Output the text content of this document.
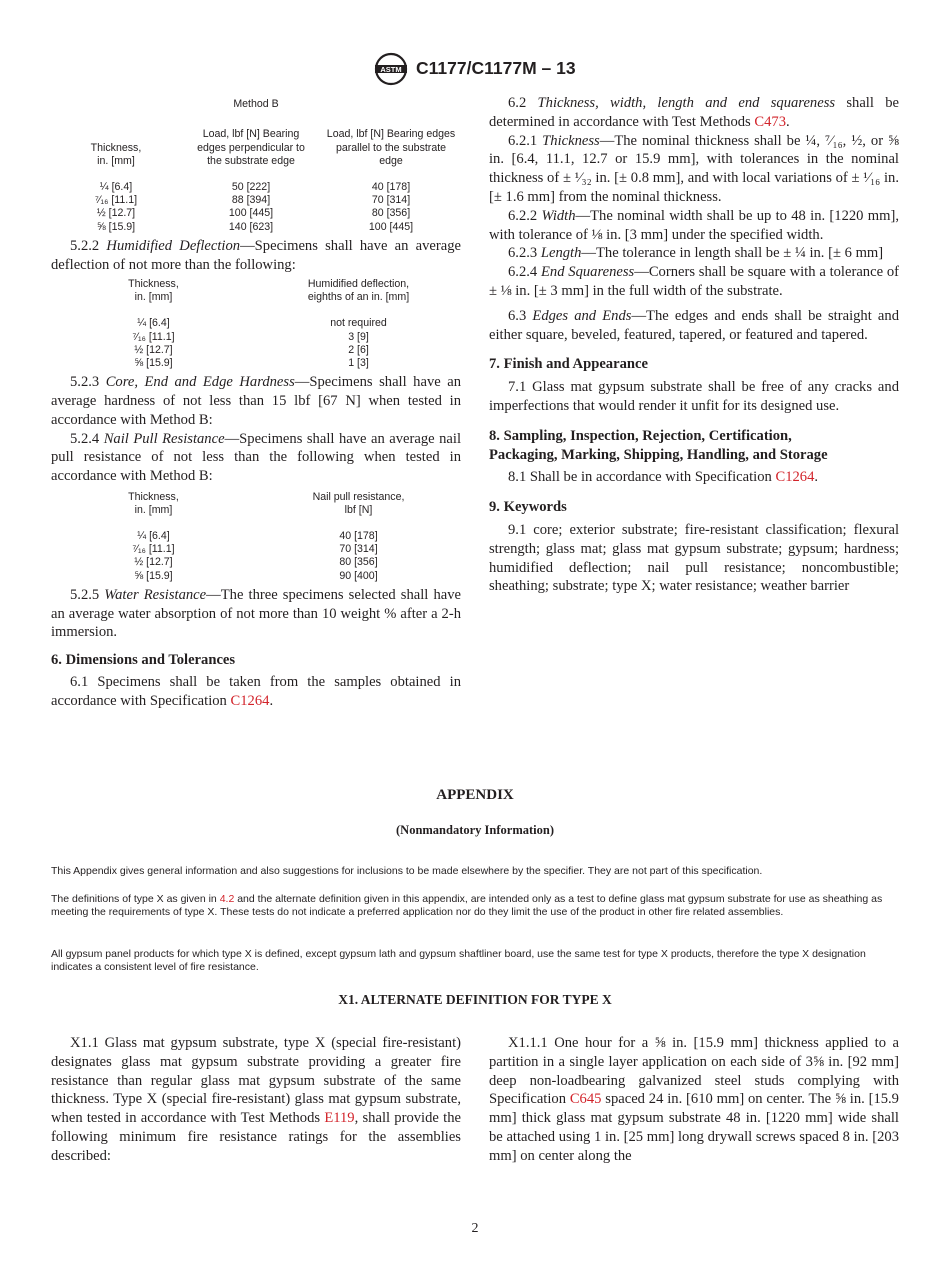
ASTM C1177/C1177M – 13
Method B		
Thickness,
in. [mm]	Load, lbf [N] Bearing
edges perpendicular to
the substrate edge	Load, lbf [N] Bearing edges
parallel to the substrate
edge

¼ [6.4]	50 [222]	40 [178]
⁷⁄₁₆ [11.1]	88 [394]	70 [314]
½ [12.7]	100 [445]	80 [356]
⅝ [15.9]	140 [623]	100 [445]

5.2.2 Humidified Deflection—Specimens shall have an average deflection of not more than the following:

Thickness,
in. [mm]	Humidified deflection,
eighths of an in. [mm]

¼ [6.4]	not required
⁷⁄₁₆ [11.1]	3 [9]
½ [12.7]	2 [6]
⅝ [15.9]	1 [3]

5.2.3 Core, End and Edge Hardness—Specimens shall have an average hardness of not less than 15 lbf [67 N] when tested in accordance with Method B:

5.2.4 Nail Pull Resistance—Specimens shall have an average nail pull resistance of not less than the following when tested in accordance with Method B:

Thickness,
in. [mm]	Nail pull resistance,
lbf [N]

¼ [6.4]	40 [178]
⁷⁄₁₆ [11.1]	70 [314]
½ [12.7]	80 [356]
⅝ [15.9]	90 [400]

5.2.5 Water Resistance—The three specimens selected shall have an average water absorption of not more than 10 weight % after a 2-h immersion.

6. Dimensions and Tolerances

6.1 Specimens shall be taken from the samples obtained in accordance with Specification C1264.

6.2 Thickness, width, length and end squareness shall be determined in accordance with Test Methods C473.

6.2.1 Thickness—The nominal thickness shall be ¼, ⁷⁄₁₆, ½, or ⅝ in. [6.4, 11.1, 12.7 or 15.9 mm], with tolerances in the nominal thickness of ± ¹⁄₃₂ in. [± 0.8 mm], and with local variations of ± ¹⁄₁₆ in. [± 1.6 mm] from the nominal thickness.

6.2.2 Width—The nominal width shall be up to 48 in. [1220 mm], with tolerance of ⅛ in. [3 mm] under the specified width.

6.2.3 Length—The tolerance in length shall be ± ¼ in. [± 6 mm]

6.2.4 End Squareness—Corners shall be square with a tolerance of ± ⅛ in. [± 3 mm] in the full width of the substrate.

6.3 Edges and Ends—The edges and ends shall be straight and either square, beveled, featured, tapered, or featured and tapered.

7. Finish and Appearance

7.1 Glass mat gypsum substrate shall be free of any cracks and imperfections that would render it unfit for its designed use.

8. Sampling, Inspection, Rejection, Certification,

Packaging, Marking, Shipping, Handling, and Storage

8.1 Shall be in accordance with Specification C1264.

9. Keywords

9.1 core; exterior substrate; fire-resistant classification; flexural strength; glass mat; glass mat gypsum substrate; gypsum; hardness; humidified deflection; nail pull resistance; noncombustible; sheathing; substrate; type X; water resistance; weather barrier

APPENDIX
(Nonmandatory Information)
This Appendix gives general information and also suggestions for inclusions to be made elsewhere by the specifier. They are not part of this specification.
The definitions of type X as given in 4.2 and the alternate definition given in this appendix, are intended only as a test to define glass mat gypsum substrate for use as sheathing as meeting the requirements of type X. These tests do not indicate a preferred application nor do they limit the use of the product in other fire related assemblies.
All gypsum panel products for which type X is defined, except gypsum lath and gypsum shaftliner board, use the same test for type X products, therefore the type X designation indicates a consistent level of fire resistance.
X1. ALTERNATE DEFINITION FOR TYPE X

X1.1 Glass mat gypsum substrate, type X (special fire-resistant) designates glass mat gypsum substrate providing a greater fire resistance than regular glass mat gypsum substrate of the same thickness. Type X (special fire-resistant) glass mat gypsum substrate, when tested in accordance with Test Methods E119, shall provide the following minimum fire resistance ratings for the assemblies described:

X1.1.1 One hour for a ⅝ in. [15.9 mm] thickness applied to a partition in a single layer application on each side of 3⅝ in. [92 mm] deep non-loadbearing galvanized steel studs complying with Specification C645 spaced 24 in. [610 mm] on center. The ⅝ in. [15.9 mm] thick glass mat gypsum substrate 48 in. [1220 mm] wide shall be attached using 1 in. [25 mm] long drywall screws spaced 8 in. [203 mm] on center along the

2
